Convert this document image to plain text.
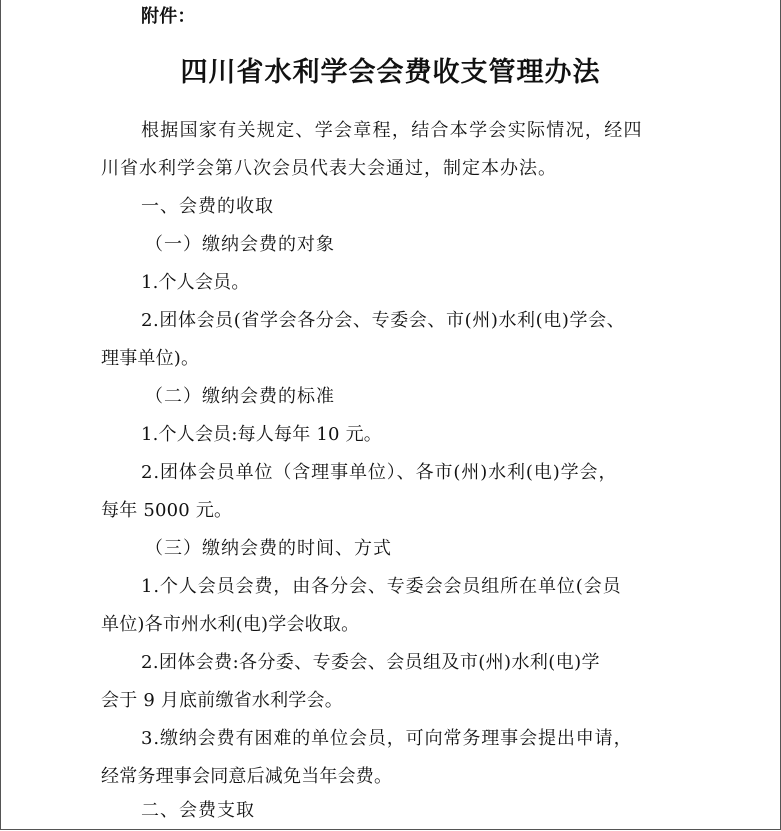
附件：
四川省水利学会会费收支管理办法
根据国家有关规定、学会章程，结合本学会实际情况，经四
川省水利学会第八次会员代表大会通过，制定本办法。
一、会费的收取
（一）缴纳会费的对象
1.个人会员。
2.团体会员(省学会各分会、专委会、市(州)水利(电)学会、
理事单位)。
（二）缴纳会费的标准
1.个人会员:每人每年 10 元。
2.团体会员单位（含理事单位）、各市(州)水利(电)学会，
每年 5000 元。
（三）缴纳会费的时间、方式
1.个人会员会费，由各分会、专委会会员组所在单位(会员
单位)各市州水利(电)学会收取。
2.团体会费:各分委、专委会、会员组及市(州)水利(电)学
会于 9 月底前缴省水利学会。
3.缴纳会费有困难的单位会员，可向常务理事会提出申请，
经常务理事会同意后减免当年会费。
二、会费支取
